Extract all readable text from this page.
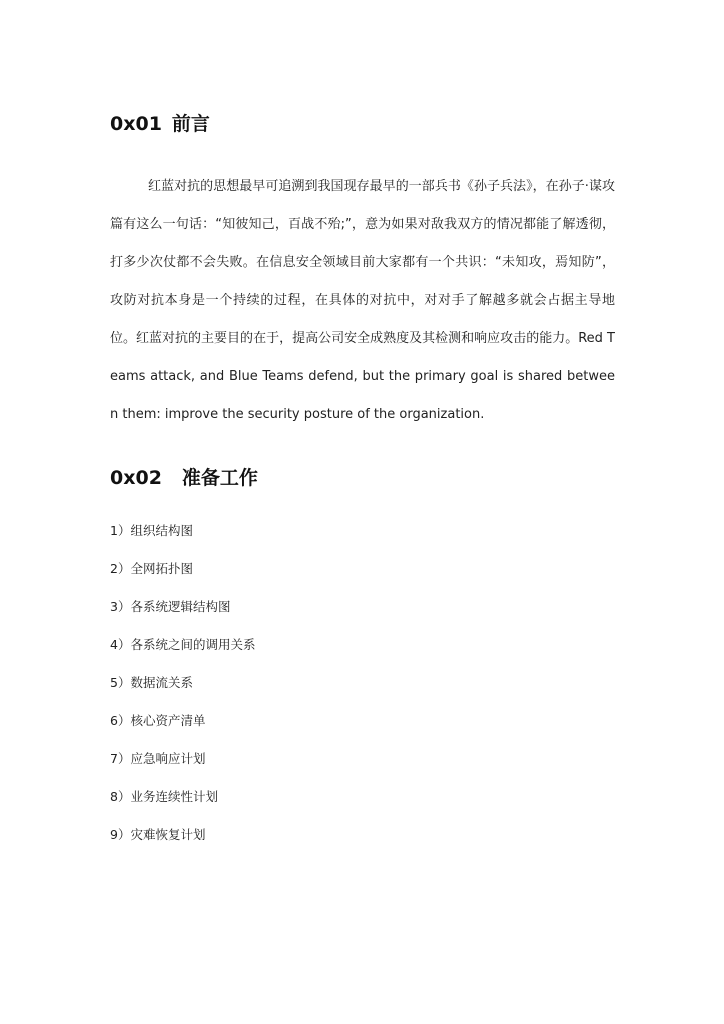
0x01 前言

红蓝对抗的思想最早可追溯到我国现存最早的一部兵书《孙子兵法》，在孙子·谋攻篇有这么一句话：“知彼知己，百战不殆;”，意为如果对敌我双方的情况都能了解透彻，打多少次仗都不会失败。在信息安全领域目前大家都有一个共识：“未知攻，焉知防”，攻防对抗本身是一个持续的过程，在具体的对抗中，对对手了解越多就会占据主导地位。红蓝对抗的主要目的在于，提高公司安全成熟度及其检测和响应攻击的能力。Red Teams attack, and Blue Teams defend, but the primary goal is shared between them: improve the security posture of the organization.

0x02 准备工作
1）组织结构图
2）全网拓扑图
3）各系统逻辑结构图
4）各系统之间的调用关系
5）数据流关系
6）核心资产清单
7）应急响应计划
8）业务连续性计划
9）灾难恢复计划
